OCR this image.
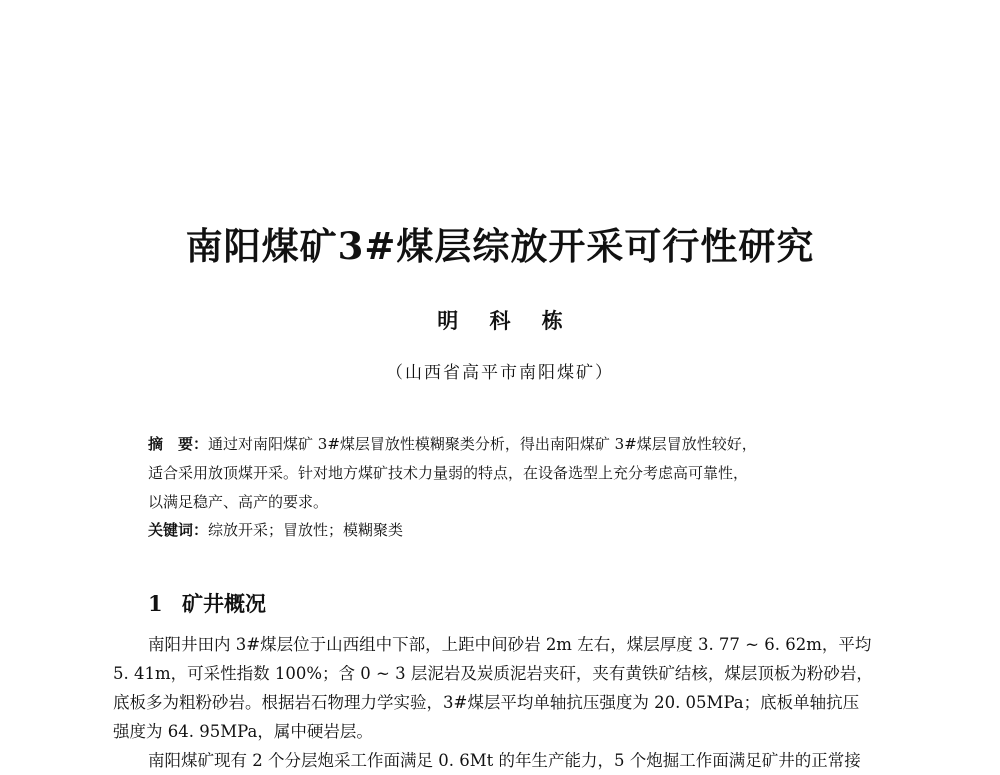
南阳煤矿3#煤层综放开采可行性研究
明 科 栋
（山西省高平市南阳煤矿）
摘　要：通过对南阳煤矿 3#煤层冒放性模糊聚类分析，得出南阳煤矿 3#煤层冒放性较好，
适合采用放顶煤开采。针对地方煤矿技术力量弱的特点，在设备选型上充分考虑高可靠性，
以满足稳产、高产的要求。
关键词：综放开采；冒放性；模糊聚类
1 矿井概况
南阳井田内 3#煤层位于山西组中下部，上距中间砂岩 2m 左右，煤层厚度 3. 77 ~ 6. 62m，平均
5. 41m，可采性指数 100%；含 0 ~ 3 层泥岩及炭质泥岩夹矸，夹有黄铁矿结核，煤层顶板为粉砂岩，
底板多为粗粉砂岩。根据岩石物理力学实验，3#煤层平均单轴抗压强度为 20. 05MPa；底板单轴抗压
强度为 64. 95MPa，属中硬岩层。
南阳煤矿现有 2 个分层炮采工作面满足 0. 6Mt 的年生产能力，5 个炮掘工作面满足矿井的正常接
